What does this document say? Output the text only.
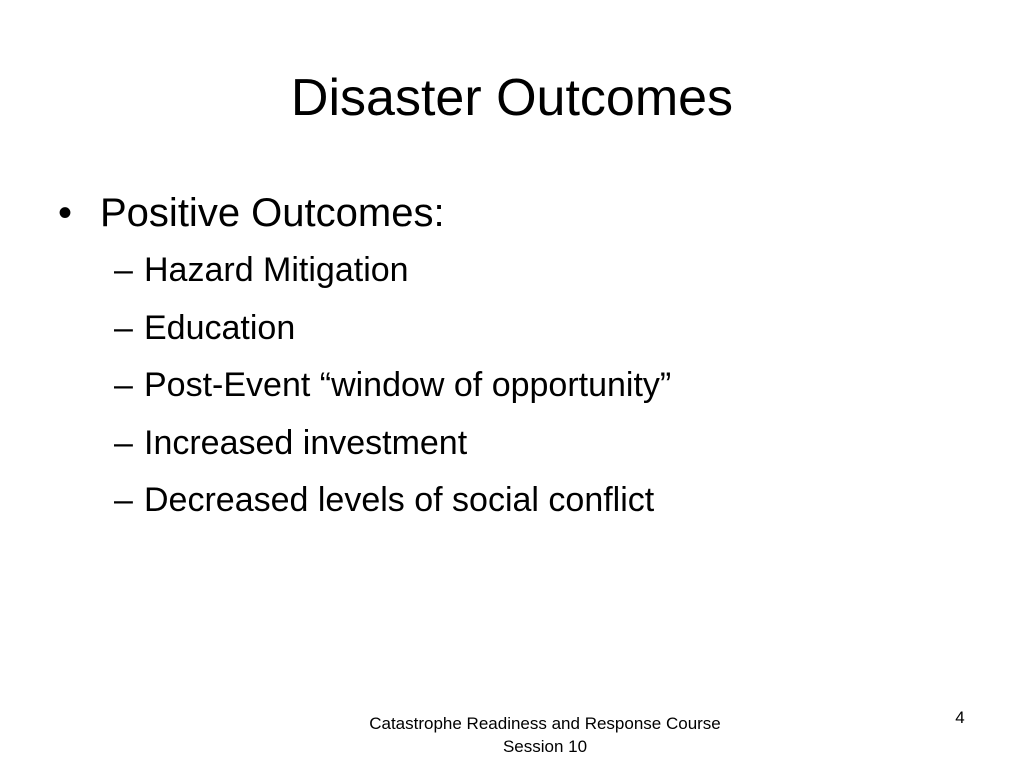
Disaster Outcomes
• Positive Outcomes:
– Hazard Mitigation
– Education
– Post-Event “window of opportunity”
– Increased investment
– Decreased levels of social conflict
Catastrophe Readiness and Response Course
Session 10
4
